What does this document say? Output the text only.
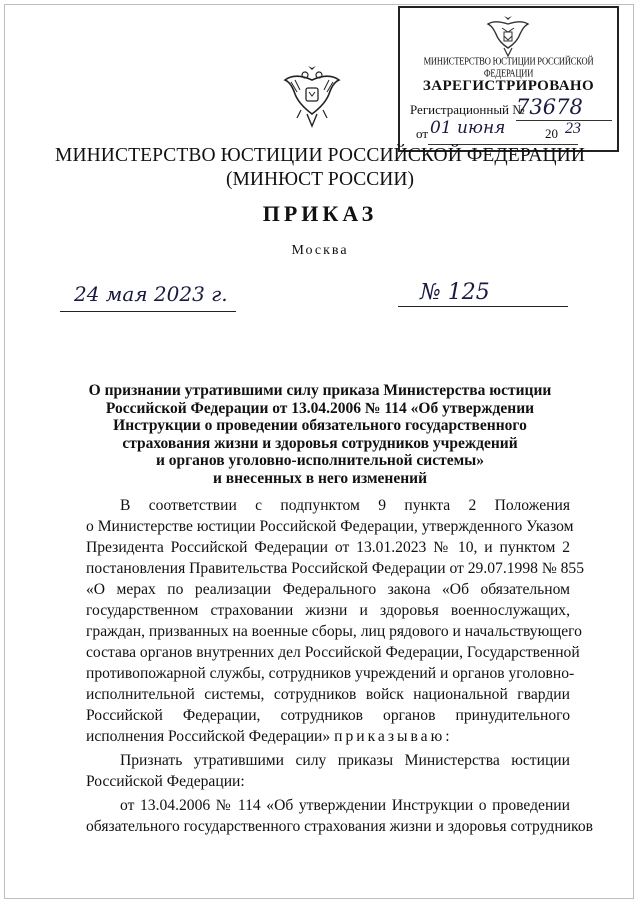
МИНИСТЕРСТВО ЮСТИЦИИ РОССИЙСКОЙ ФЕДЕРАЦИИ
ЗАРЕГИСТРИРОВАНО
Регистрационный №
73678
от 01 июня	20 23
МИНИСТЕРСТВО ЮСТИЦИИ РОССИЙСКОЙ ФЕДЕРАЦИИ
(МИНЮСТ РОССИИ)
ПРИКАЗ
Москва
24 мая 2023 г.	№ 125
О признании утратившими силу приказа Министерства юстиции
Российской Федерации от 13.04.2006 № 114 «Об утверждении
Инструкции о проведении обязательного государственного
страхования жизни и здоровья сотрудников учреждений
и органов уголовно-исполнительной системы»
и внесенных в него изменений
В соответствии с подпунктом 9 пункта 2 Положения
о Министерстве юстиции Российской Федерации, утвержденного Указом
Президента Российской Федерации от 13.01.2023 № 10, и пунктом 2
постановления Правительства Российской Федерации от 29.07.1998 № 855
«О мерах по реализации Федерального закона «Об обязательном
государственном страховании жизни и здоровья военнослужащих,
граждан, призванных на военные сборы, лиц рядового и начальствующего
состава органов внутренних дел Российской Федерации, Государственной
противопожарной службы, сотрудников учреждений и органов уголовно-
исполнительной системы, сотрудников войск национальной гвардии
Российской Федерации, сотрудников органов принудительного
исполнения Российской Федерации» приказываю:
Признать утратившими силу приказы Министерства юстиции
Российской Федерации:
от 13.04.2006 № 114 «Об утверждении Инструкции о проведении
обязательного государственного страхования жизни и здоровья сотрудников
